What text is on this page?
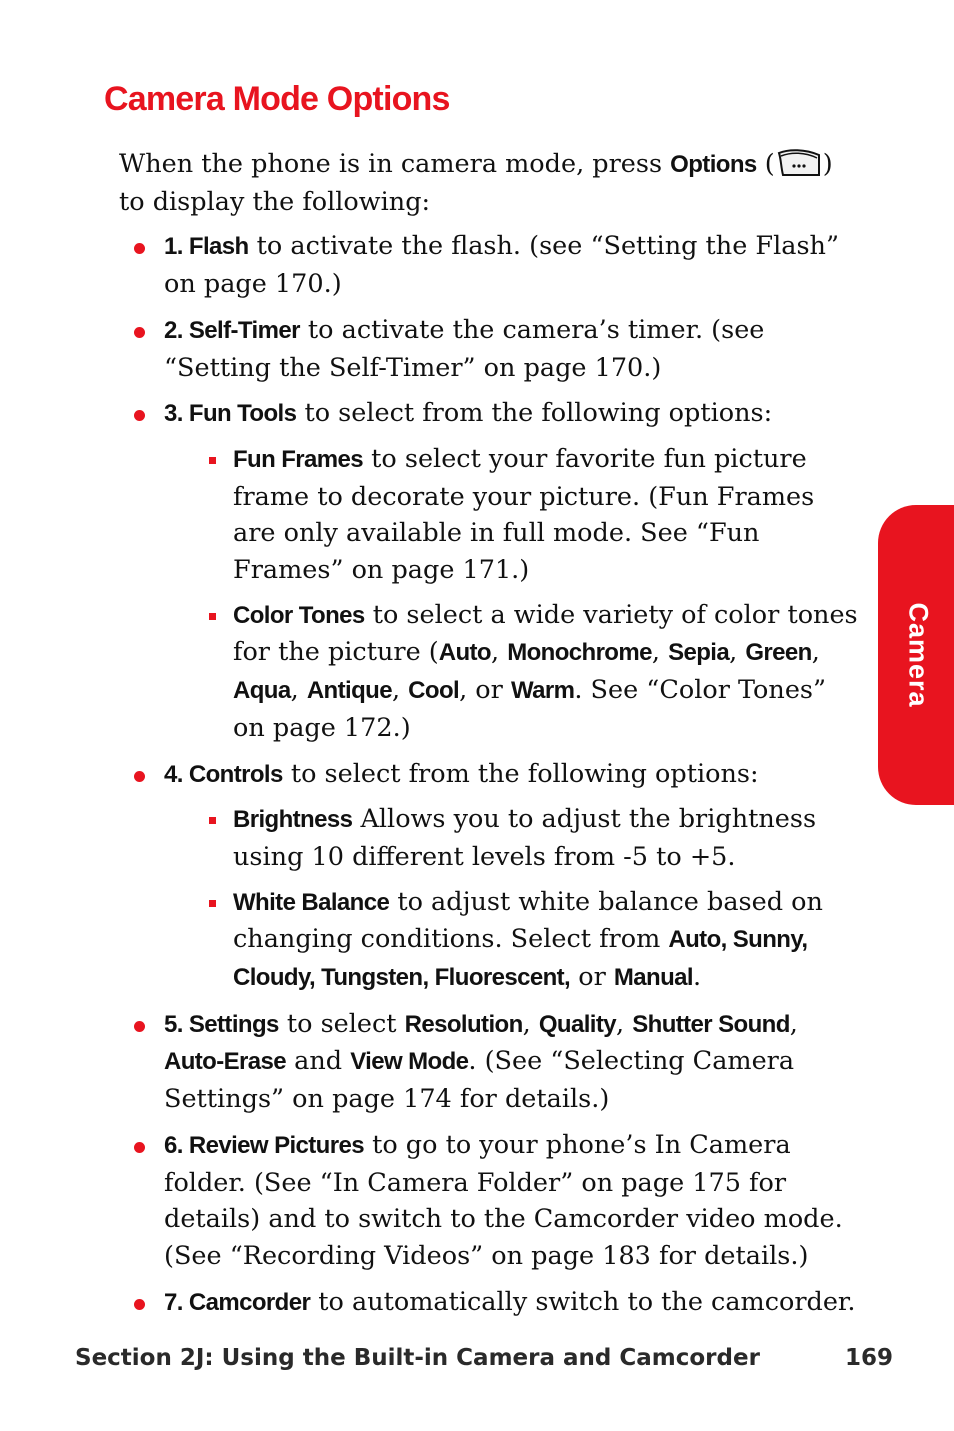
Camera Mode Options

When the phone is in camera mode, press Options ( )
to display the following:

1. Flash to activate the flash. (see “Setting the Flash” on page 170.)
2. Self-Timer to activate the camera’s timer. (see “Setting the Self-Timer” on page 170.)
3. Fun Tools to select from the following options:
Fun Frames to select your favorite fun picture frame to decorate your picture. (Fun Frames are only available in full mode. See “Fun Frames” on page 171.)
Color Tones to select a wide variety of color tones for the picture (Auto, Monochrome, Sepia, Green, Aqua, Antique, Cool, or Warm. See “Color Tones” on page 172.)
4. Controls to select from the following options:
Brightness Allows you to adjust the brightness using 10 different levels from -5 to +5.
White Balance to adjust white balance based on changing conditions. Select from Auto, Sunny, Cloudy, Tungsten, Fluorescent, or Manual.
5. Settings to select Resolution, Quality, Shutter Sound, Auto-Erase and View Mode. (See “Selecting Camera Settings” on page 174 for details.)
6. Review Pictures to go to your phone’s In Camera folder. (See “In Camera Folder” on page 175 for details) and to switch to the Camcorder video mode. (See “Recording Videos” on page 183 for details.)
7. Camcorder to automatically switch to the camcorder.
Camera
Section 2J: Using the Built-in Camera and Camcorder	169
